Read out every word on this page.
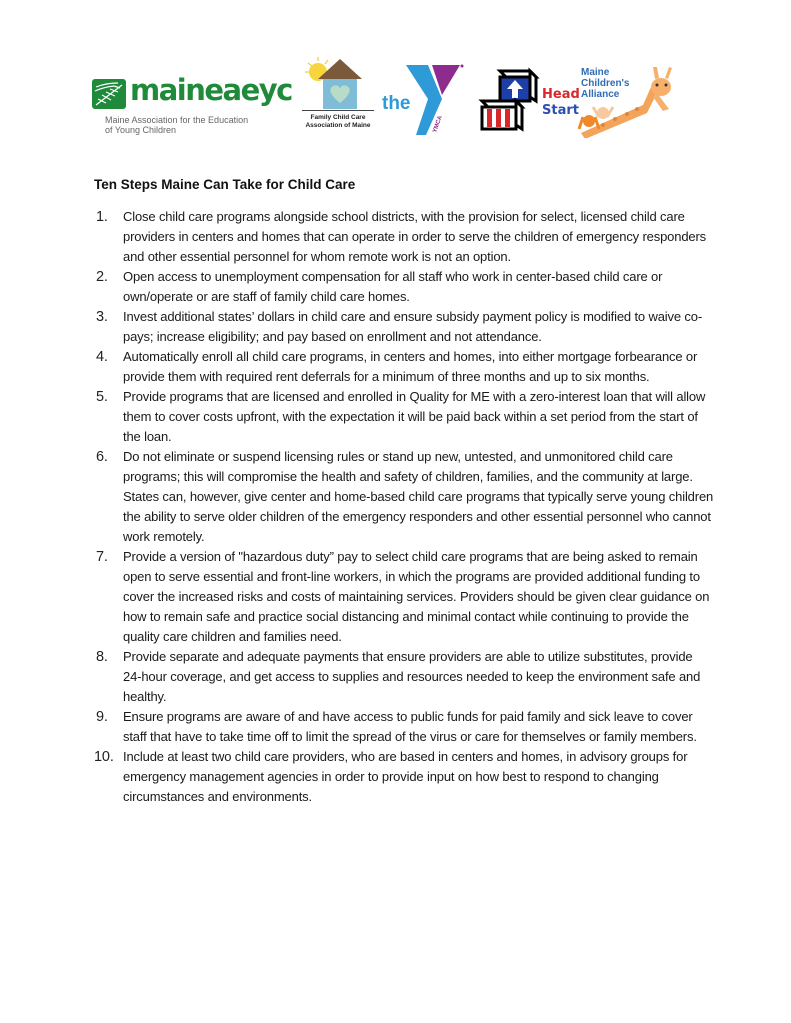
maineaeyc
Maine Association for the Education
of Young Children
Family Child Care
Association of Maine
the
YMCA
Head
Start
Maine
Children's
Alliance
Ten Steps Maine Can Take for Child Care
1. Close child care programs alongside school districts, with the provision for select, licensed child care providers in centers and homes that can operate in order to serve the children of emergency responders and other essential personnel for whom remote work is not an option.
2. Open access to unemployment compensation for all staff who work in center-based child care or own/operate or are staff of family child care homes.
3. Invest additional states’ dollars in child care and ensure subsidy payment policy is modified to waive co-pays; increase eligibility; and pay based on enrollment and not attendance.
4. Automatically enroll all child care programs, in centers and homes, into either mortgage forbearance or provide them with required rent deferrals for a minimum of three months and up to six months.
5. Provide programs that are licensed and enrolled in Quality for ME with a zero-interest loan that will allow them to cover costs upfront, with the expectation it will be paid back within a set period from the start of the loan.
6. Do not eliminate or suspend licensing rules or stand up new, untested, and unmonitored child care programs; this will compromise the health and safety of children, families, and the community at large. States can, however, give center and home-based child care programs that typically serve young children the ability to serve older children of the emergency responders and other essential personnel who cannot work remotely.
7. Provide a version of "hazardous duty” pay to select child care programs that are being asked to remain open to serve essential and front-line workers, in which the programs are provided additional funding to cover the increased risks and costs of maintaining services. Providers should be given clear guidance on how to remain safe and practice social distancing and minimal contact while continuing to provide the quality care children and families need.
8. Provide separate and adequate payments that ensure providers are able to utilize substitutes, provide 24-hour coverage, and get access to supplies and resources needed to keep the environment safe and healthy.
9. Ensure programs are aware of and have access to public funds for paid family and sick leave to cover staff that have to take time off to limit the spread of the virus or care for themselves or family members.
10. Include at least two child care providers, who are based in centers and homes, in advisory groups for emergency management agencies in order to provide input on how best to respond to changing circumstances and environments.
